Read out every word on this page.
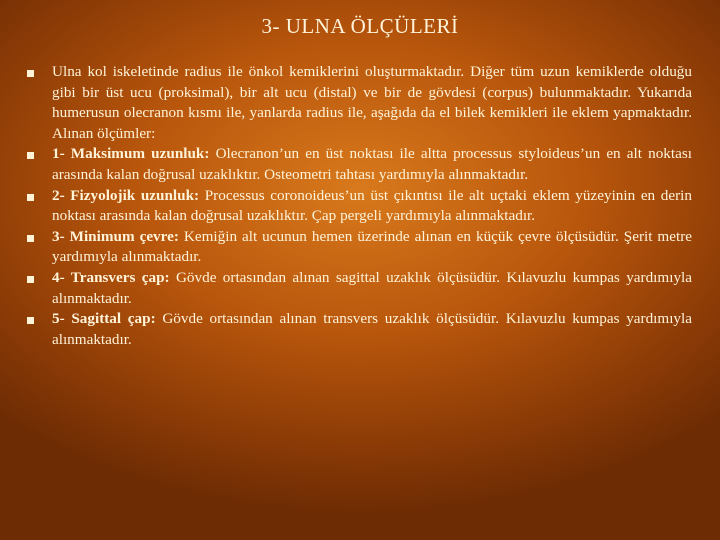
3- ULNA ÖLÇÜLERİ
Ulna kol iskeletinde radius ile önkol kemiklerini oluşturmaktadır. Diğer tüm uzun kemiklerde olduğu gibi bir üst ucu (proksimal), bir alt ucu (distal) ve bir de gövdesi (corpus) bulunmaktadır. Yukarıda humerusun olecranon kısmı ile, yanlarda radius ile, aşağıda da el bilek kemikleri ile eklem yapmaktadır. Alınan ölçümler:
1- Maksimum uzunluk: Olecranon’un en üst noktası ile altta processus styloideus’un en alt noktası arasında kalan doğrusal uzaklıktır. Osteometri tahtası yardımıyla alınmaktadır.
2- Fizyolojik uzunluk: Processus coronoideus’un üst çıkıntısı ile alt uçtaki eklem yüzeyinin en derin noktası arasında kalan doğrusal uzaklıktır. Çap pergeli yardımıyla alınmaktadır.
3- Minimum çevre: Kemiğin alt ucunun hemen üzerinde alınan en küçük çevre ölçüsüdür. Şerit metre yardımıyla alınmaktadır.
4- Transvers çap: Gövde ortasından alınan sagittal uzaklık ölçüsüdür. Kılavuzlu kumpas yardımıyla alınmaktadır.
5- Sagittal çap: Gövde ortasından alınan transvers uzaklık ölçüsüdür. Kılavuzlu kumpas yardımıyla alınmaktadır.
